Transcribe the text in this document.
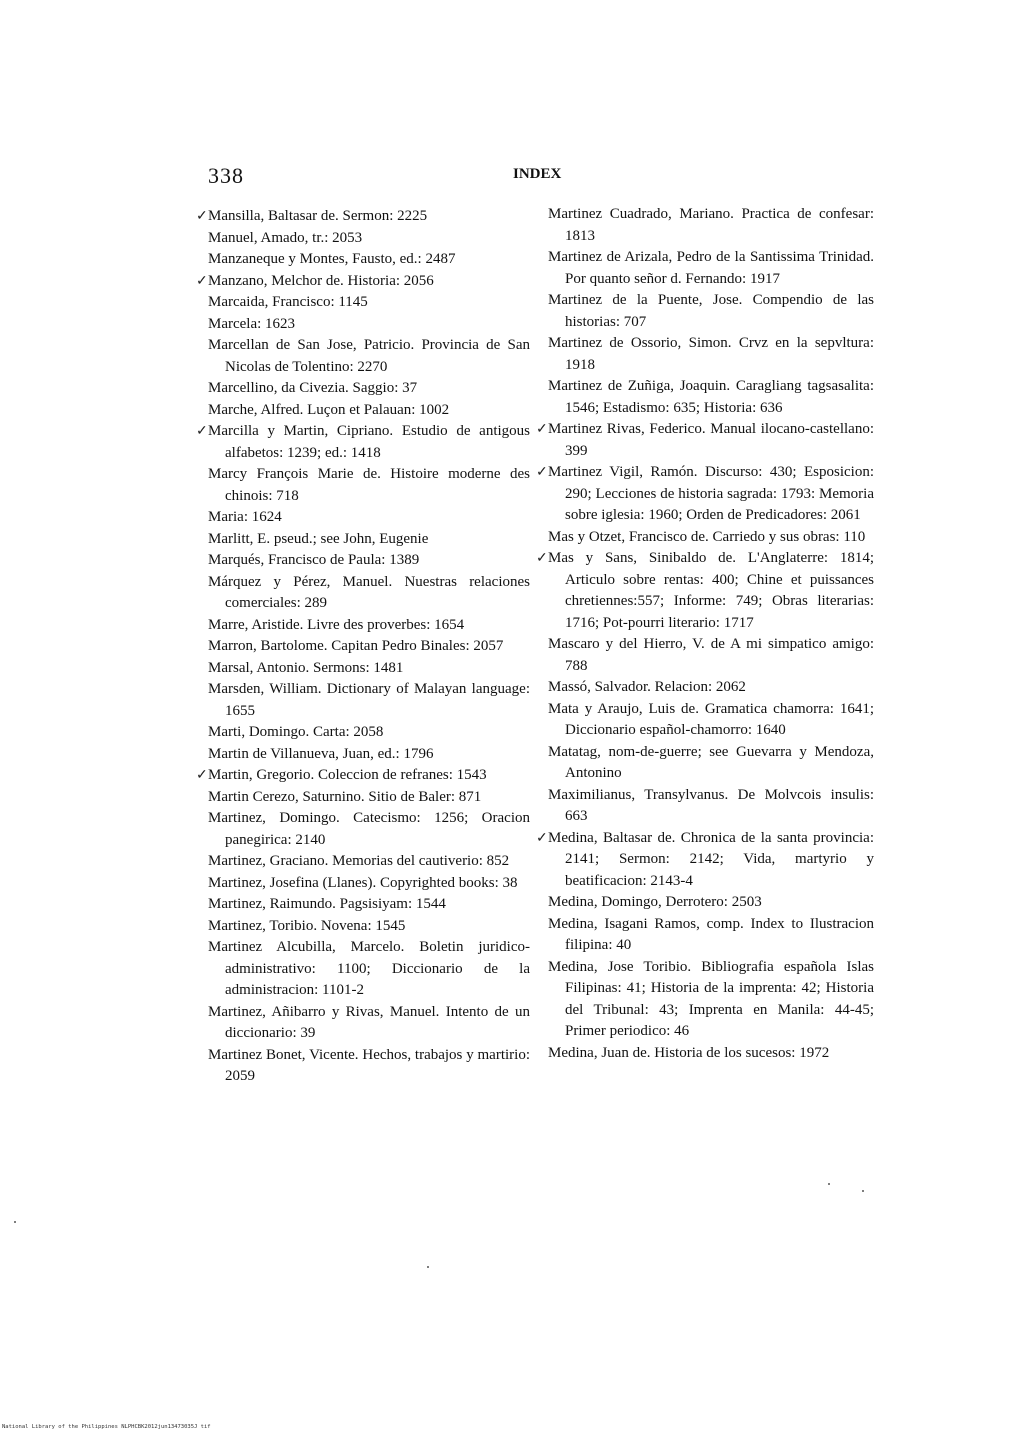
338	INDEX
✓ Mansilla, Baltasar de. Sermon: 2225
Manuel, Amado, tr.: 2053
Manzaneque y Montes, Fausto, ed.: 2487
✓ Manzano, Melchor de. Historia: 2056
Marcaida, Francisco: 1145
Marcela: 1623
Marcellan de San Jose, Patricio. Provincia de San Nicolas de Tolentino: 2270
Marcellino, da Civezia. Saggio: 37
Marche, Alfred. Luçon et Palauan: 1002
✓ Marcilla y Martin, Cipriano. Estudio de antigous alfabetos: 1239; ed.: 1418
Marcy François Marie de. Histoire moderne des chinois: 718
Maria: 1624
Marlitt, E. pseud.; see John, Eugenie
Marqués, Francisco de Paula: 1389
Márquez y Pérez, Manuel. Nuestras relaciones comerciales: 289
Marre, Aristide. Livre des proverbes: 1654
Marron, Bartolome. Capitan Pedro Binales: 2057
Marsal, Antonio. Sermons: 1481
Marsden, William. Dictionary of Malayan language: 1655
Marti, Domingo. Carta: 2058
Martin de Villanueva, Juan, ed.: 1796
✓ Martin, Gregorio. Coleccion de refranes: 1543
Martin Cerezo, Saturnino. Sitio de Baler: 871
Martinez, Domingo. Catecismo: 1256; Oracion panegirica: 2140
Martinez, Graciano. Memorias del cautiverio: 852
Martinez, Josefina (Llanes). Copyrighted books: 38
Martinez, Raimundo. Pagsisiyam: 1544
Martinez, Toribio. Novena: 1545
Martinez Alcubilla, Marcelo. Boletin juridico-administrativo: 1100; Diccionario de la administracion: 1101-2
Martinez, Añibarro y Rivas, Manuel. Intento de un diccionario: 39
Martinez Bonet, Vicente. Hechos, trabajos y martirio: 2059
Martinez Cuadrado, Mariano. Practica de confesar: 1813
Martinez de Arizala, Pedro de la Santissima Trinidad. Por quanto señor d. Fernando: 1917
Martinez de la Puente, Jose. Compendio de las historias: 707
Martinez de Ossorio, Simon. Crvz en la sepvltura: 1918
Martinez de Zuñiga, Joaquin. Caragliang tagsasalita: 1546; Estadismo: 635; Historia: 636
✓ Martinez Rivas, Federico. Manual ilocano-castellano: 399
✓ Martinez Vigil, Ramón. Discurso: 430; Esposicion: 290; Lecciones de historia sagrada: 1793: Memoria sobre iglesia: 1960; Orden de Predicadores: 2061
Mas y Otzet, Francisco de. Carriedo y sus obras: 110
✓ Mas y Sans, Sinibaldo de. L'Anglaterre: 1814; Articulo sobre rentas: 400; Chine et puissances chretiennes:557; Informe: 749; Obras literarias: 1716; Pot-pourri literario: 1717
Mascaro y del Hierro, V. de A mi simpatico amigo: 788
Massó, Salvador. Relacion: 2062
Mata y Araujo, Luis de. Gramatica chamorra: 1641; Diccionario español-chamorro: 1640
Matatag, nom-de-guerre; see Guevarra y Mendoza, Antonino
Maximilianus, Transylvanus. De Molvcois insulis: 663
✓ Medina, Baltasar de. Chronica de la santa provincia: 2141; Sermon: 2142; Vida, martyrio y beatificacion: 2143-4
Medina, Domingo, Derrotero: 2503
Medina, Isagani Ramos, comp. Index to Ilustracion filipina: 40
Medina, Jose Toribio. Bibliografia española Islas Filipinas: 41; Historia de la imprenta: 42; Historia del Tribunal: 43; Imprenta en Manila: 44-45; Primer periodico: 46
Medina, Juan de. Historia de los sucesos: 1972
National Library of the Philippines NLPHCBK2012jun13473035J tif
